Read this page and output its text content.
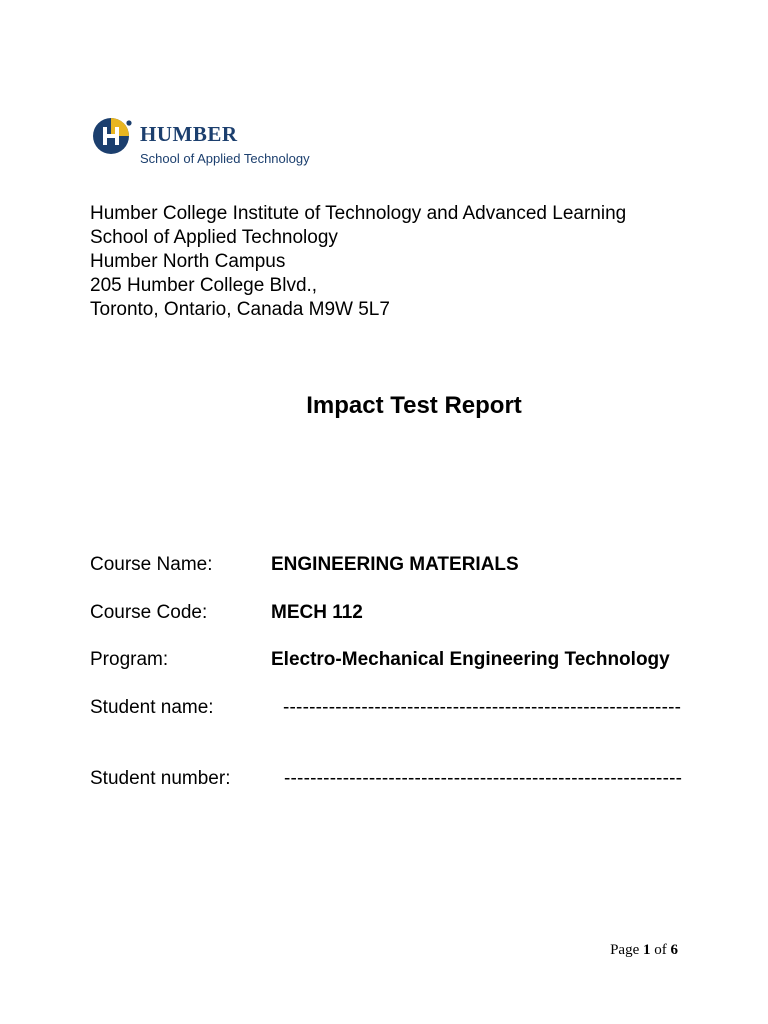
HUMBER
School of Applied Technology
Humber College Institute of Technology and Advanced Learning
School of Applied Technology
Humber North Campus
205 Humber College Blvd.,
Toronto, Ontario, Canada M9W 5L7
Impact Test Report
Course Name:	ENGINEERING MATERIALS
Course Code:	MECH 112
Program:	Electro-Mechanical Engineering Technology
Student name:	-------------------------------------------------------------
Student number:	-------------------------------------------------------------
Page 1 of 6
